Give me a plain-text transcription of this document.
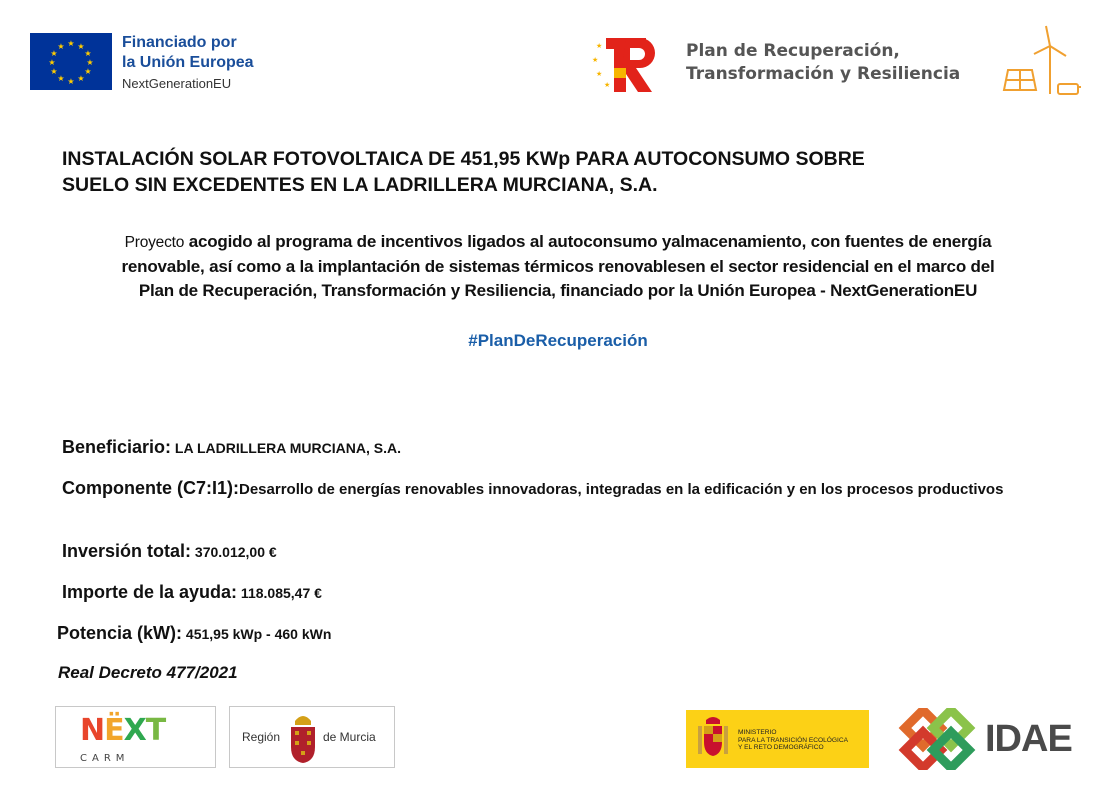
★ ★
★
★
★
★
★
★
★
★
★
★	Financiado por
la Unión Europea
NextGenerationEU
★
★
★
★
Plan de Recuperación,
Transformación y Resiliencia
INSTALACIÓN SOLAR FOTOVOLTAICA DE 451,95 KWp PARA AUTOCONSUMO SOBRE
SUELO SIN EXCEDENTES EN LA LADRILLERA MURCIANA, S.A.
Proyecto acogido al programa de incentivos ligados al autoconsumo yalmacenamiento, con fuentes de energía
renovable, así como a la implantación de sistemas térmicos renovablesen el sector residencial en el marco del
Plan de Recuperación, Transformación y Resiliencia, financiado por la Unión Europea - NextGenerationEU
#PlanDeRecuperación
Beneficiario: LA LADRILLERA MURCIANA, S.A.
Componente (C7:I1):Desarrollo de energías renovables innovadoras, integradas en la edificación y en los procesos productivos
Inversión total: 370.012,00 €
Importe de la ayuda: 118.085,47 €
Potencia (kW): 451,95 kWp - 460 kWn
Real Decreto 477/2021
NËXT
CARM
Región	de Murcia	MINISTERIO
PARA LA TRANSICIÓN ECOLÓGICA
Y EL RETO DEMOGRÁFICO	IDAE
